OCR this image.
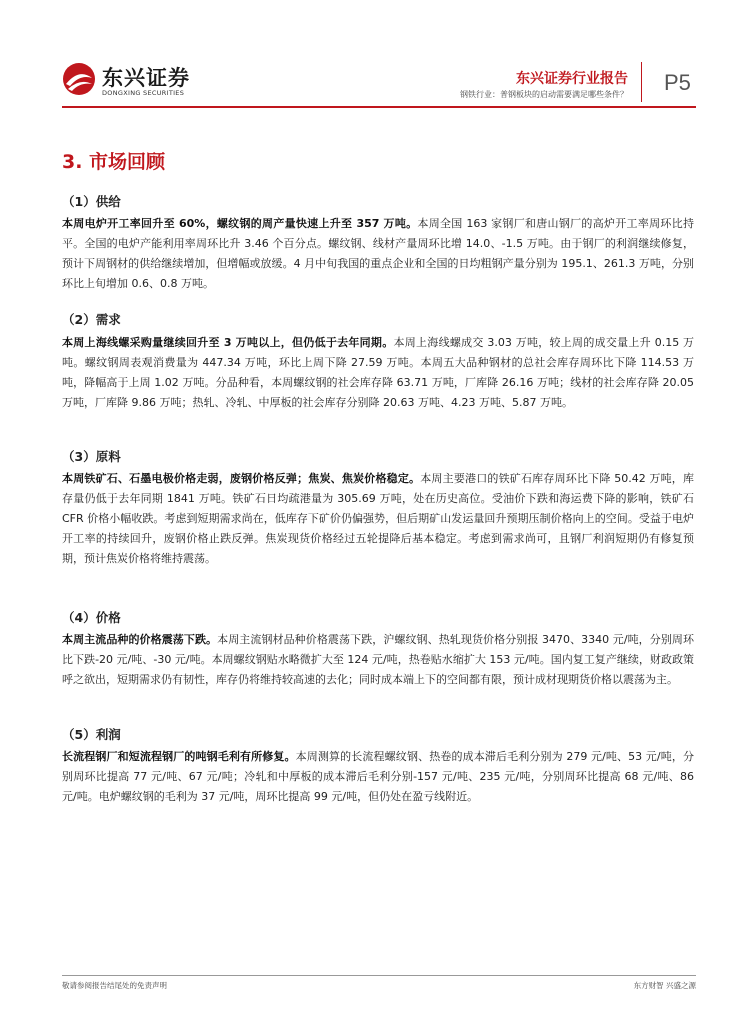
东兴证券
DONGXING SECURITIES
东兴证券行业报告
钢铁行业：普钢板块的启动需要满足哪些条件？ P5
3. 市场回顾
（1）供给
本周电炉开工率回升至 60%，螺纹钢的周产量快速上升至 357 万吨。本周全国 163 家钢厂和唐山钢厂的高炉开工率周环比持平。全国的电炉产能利用率周环比升 3.46 个百分点。螺纹钢、线材产量周环比增 14.0、-1.5 万吨。由于钢厂的利润继续修复，预计下周钢材的供给继续增加，但增幅或放缓。4 月中旬我国的重点企业和全国的日均粗钢产量分别为 195.1、261.3 万吨，分别环比上旬增加 0.6、0.8 万吨。
（2）需求
本周上海线螺采购量继续回升至 3 万吨以上，但仍低于去年同期。本周上海线螺成交 3.03 万吨，较上周的成交量上升 0.15 万吨。螺纹钢周表观消费量为 447.34 万吨，环比上周下降 27.59 万吨。本周五大品种钢材的总社会库存周环比下降 114.53 万吨，降幅高于上周 1.02 万吨。分品种看，本周螺纹钢的社会库存降 63.71 万吨，厂库降 26.16 万吨；线材的社会库存降 20.05 万吨，厂库降 9.86 万吨；热轧、冷轧、中厚板的社会库存分别降 20.63 万吨、4.23 万吨、5.87 万吨。
（3）原料
本周铁矿石、石墨电极价格走弱，废钢价格反弹；焦炭、焦炭价格稳定。本周主要港口的铁矿石库存周环比下降 50.42 万吨，库存量仍低于去年同期 1841 万吨。铁矿石日均疏港量为 305.69 万吨，处在历史高位。受油价下跌和海运费下降的影响，铁矿石 CFR 价格小幅收跌。考虑到短期需求尚在，低库存下矿价仍偏强势，但后期矿山发运量回升预期压制价格向上的空间。受益于电炉开工率的持续回升，废钢价格止跌反弹。焦炭现货价格经过五轮提降后基本稳定。考虑到需求尚可，且钢厂利润短期仍有修复预期，预计焦炭价格将维持震荡。
（4）价格
本周主流品种的价格震荡下跌。本周主流钢材品种价格震荡下跌，沪螺纹钢、热轧现货价格分别报 3470、3340 元/吨，分别周环比下跌-20 元/吨、-30 元/吨。本周螺纹钢贴水略微扩大至 124 元/吨，热卷贴水缩扩大 153 元/吨。国内复工复产继续，财政政策呼之欲出，短期需求仍有韧性，库存仍将维持较高速的去化；同时成本端上下的空间都有限，预计成材现期货价格以震荡为主。
（5）利润
长流程钢厂和短流程钢厂的吨钢毛利有所修复。本周测算的长流程螺纹钢、热卷的成本滞后毛利分别为 279 元/吨、53 元/吨，分别周环比提高 77 元/吨、67 元/吨；冷轧和中厚板的成本滞后毛利分别-157 元/吨、235 元/吨，分别周环比提高 68 元/吨、86 元/吨。电炉螺纹钢的毛利为 37 元/吨，周环比提高 99 元/吨，但仍处在盈亏线附近。
敬请参阅报告结尾处的免责声明	东方财智 兴盛之源
